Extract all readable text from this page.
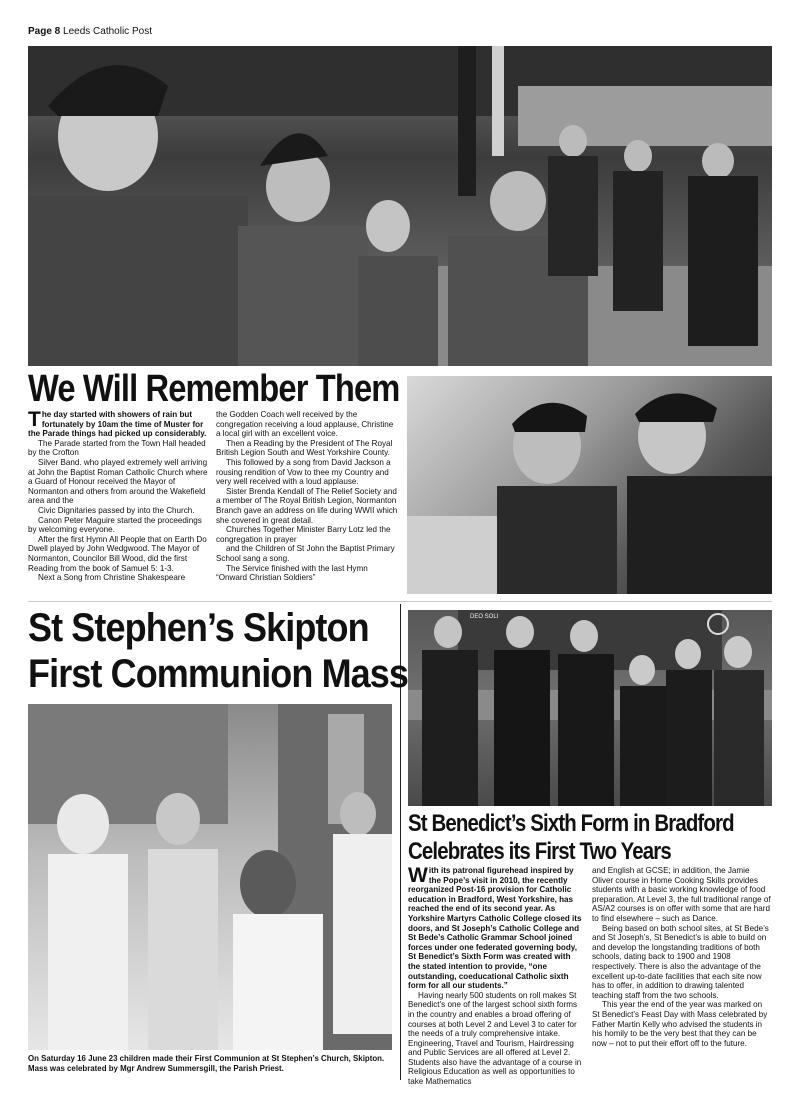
Page 8 Leeds Catholic Post
We Will Remember Them

The day started with showers of rain but fortunately by 10am the time of Muster for the Parade things had picked up considerably.

The Parade started from the Town Hall headed by the Crofton

Silver Band. who played extremely well arriving at John the Baptist Roman Catholic Church where a Guard of Honour received the Mayor of Normanton and others from around the Wakefield area and the

Civic Dignitaries passed by into the Church.

Canon Peter Maguire started the proceedings by welcoming everyone.

After the first Hymn All People that on Earth Do Dwell played by John Wedgwood. The Mayor of Normanton, Councilor Bill Wood, did the first Reading from the book of Samuel 5: 1-3.

Next a Song from Christine Shakespeare

the Godden Coach well received by the congregation receiving a loud applause, Christine a local girl with an excellent voice.

Then a Reading by the President of The Royal British Legion South and West Yorkshire County.

This followed by a song from David Jackson a rousing rendition of Vow to thee my Country and very well received with a loud applause.

Sister Brenda Kendall of The Relief Society and a member of The Royal British Legion, Normanton Branch gave an address on life during WWII which she covered in great detail.

Churches Together Minister Barry Lotz led the congregation in prayer

and the Children of St John the Baptist Primary School sang a song.

The Service finished with the last Hymn “Onward Christian Soldiers”

St Stephen’s Skipton
First Communion Mass
On Saturday 16 June 23 children made their First Communion at St Stephen’s Church, Skipton. Mass was celebrated by Mgr Andrew Summersgill, the Parish Priest.
DEO SOLI
St Benedict’s Sixth Form in Bradford
Celebrates its First Two Years

With its patronal figurehead inspired by the Pope’s visit in 2010, the recently reorganized Post-16 provision for Catholic education in Bradford, West Yorkshire, has reached the end of its second year. As Yorkshire Martyrs Catholic College closed its doors, and St Joseph’s Catholic College and St Bede’s Catholic Grammar School joined forces under one federated governing body, St Benedict’s Sixth Form was created with the stated intention to provide, “one outstanding, coeducational Catholic sixth form for all our students.”

Having nearly 500 students on roll makes St Benedict’s one of the largest school sixth forms in the country and enables a broad offering of courses at both Level 2 and Level 3 to cater for the needs of a truly comprehensive intake. Engineering, Travel and Tourism, Hairdressing and Public Services are all offered at Level 2. Students also have the advantage of a course in Religious Education as well as opportunities to take Mathematics

and English at GCSE; in addition, the Jamie Oliver course in Home Cooking Skills provides students with a basic working knowledge of food preparation. At Level 3, the full traditional range of AS/A2 courses is on offer with some that are hard to find elsewhere – such as Dance.

Being based on both school sites, at St Bede’s and St Joseph’s, St Benedict’s is able to build on and develop the longstanding traditions of both schools, dating back to 1900 and 1908 respectively. There is also the advantage of the excellent up-to-date facilities that each site now has to offer, in addition to drawing talented teaching staff from the two schools.

This year the end of the year was marked on St Benedict’s Feast Day with Mass celebrated by Father Martin Kelly who advised the students in his homily to be the very best that they can be now – not to put their effort off to the future.
